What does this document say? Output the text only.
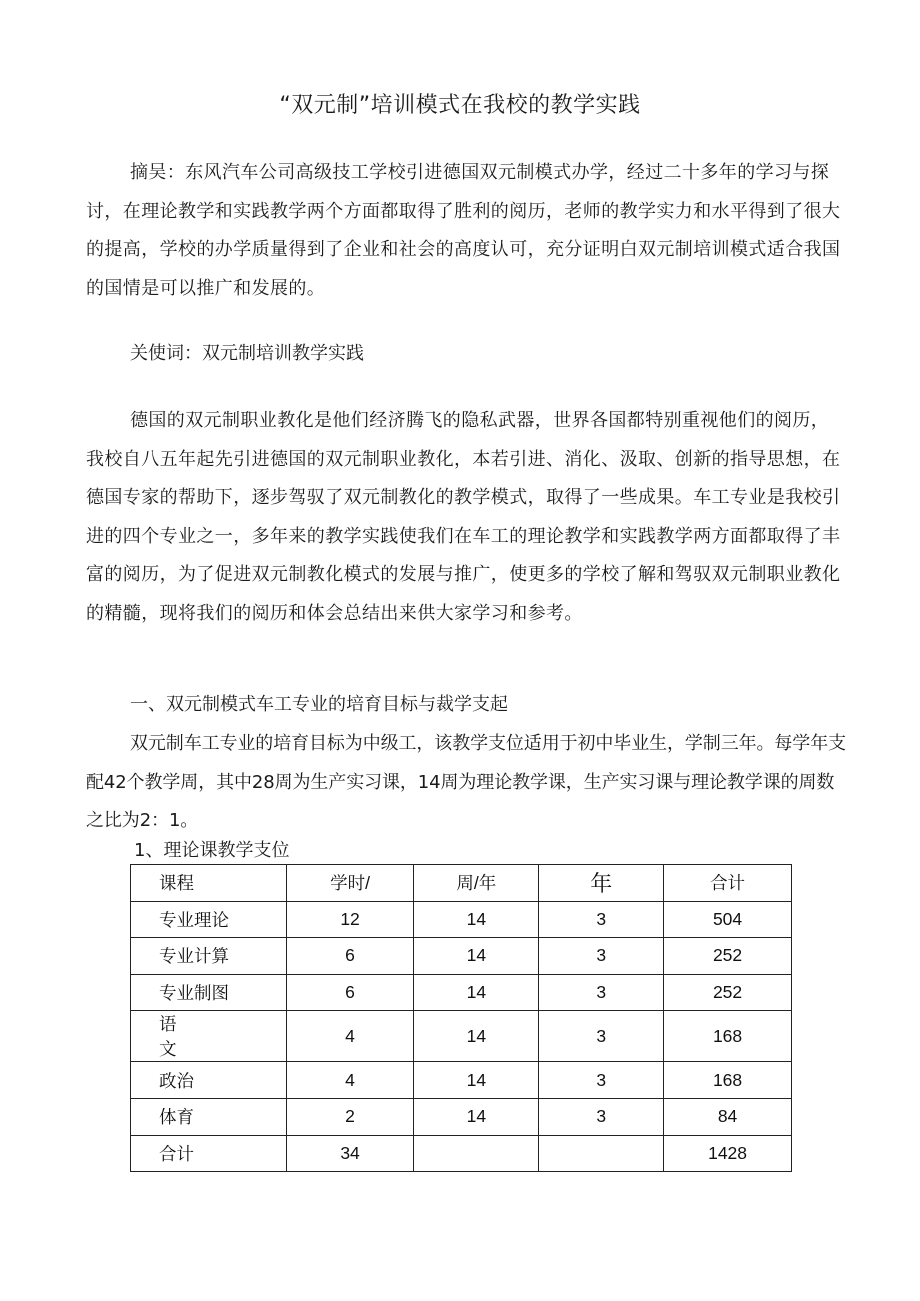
“双元制”培训模式在我校的教学实践

摘吴：东风汽车公司高级技工学校引进德国双元制模式办学，经过二十多年的学习与探讨，在理论教学和实践教学两个方面都取得了胜利的阅历，老师的教学实力和水平得到了很大的提高，学校的办学质量得到了企业和社会的高度认可，充分证明白双元制培训模式适合我国的国情是可以推广和发展的。

关使词：双元制培训教学实践

德国的双元制职业教化是他们经济腾飞的隐私武器，世界各国都特别重视他们的阅历，我校自八五年起先引进德国的双元制职业教化，本若引进、消化、汲取、创新的指导思想，在德国专家的帮助下，逐步驾驭了双元制教化的教学模式，取得了一些成果。车工专业是我校引进的四个专业之一，多年来的教学实践使我们在车工的理论教学和实践教学两方面都取得了丰富的阅历，为了促进双元制教化模式的发展与推广，使更多的学校了解和驾驭双元制职业教化的精髓，现将我们的阅历和体会总结出来供大家学习和参考。

一、双元制模式车工专业的培育目标与裁学支起

双元制车工专业的培育目标为中级工，该教学支位适用于初中毕业生，学制三年。每学年支配42个教学周，其中28周为生产实习课，14周为理论教学课，生产实习课与理论教学课的周数之比为2：1。

1、理论课教学支位
课程	学时/	周/年	年	合计
专业理论	12	14	3	504
专业计算	6	14	3	252
专业制图	6	14	3	252
语文	4	14	3	168
政治	4	14	3	168
体育	2	14	3	84
合计	34			1428
